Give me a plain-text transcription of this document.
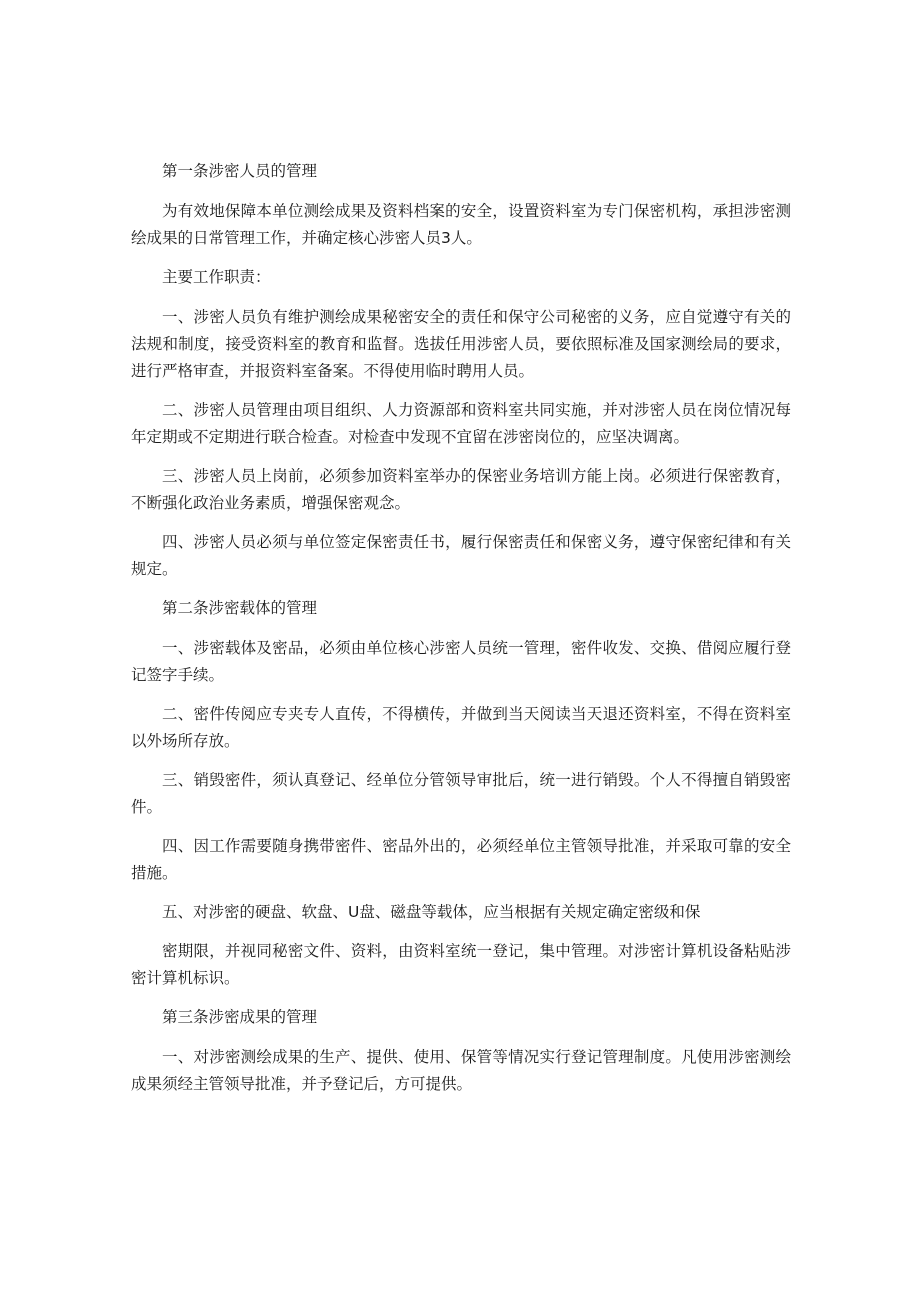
第一条涉密人员的管理

为有效地保障本单位测绘成果及资料档案的安全，设置资料室为专门保密机构，承担涉密测绘成果的日常管理工作，并确定核心涉密人员3人。

主要工作职责：

一、涉密人员负有维护测绘成果秘密安全的责任和保守公司秘密的义务，应自觉遵守有关的法规和制度，接受资料室的教育和监督。选拔任用涉密人员，要依照标准及国家测绘局的要求，进行严格审查，并报资料室备案。不得使用临时聘用人员。

二、涉密人员管理由项目组织、人力资源部和资料室共同实施，并对涉密人员在岗位情况每年定期或不定期进行联合检查。对检查中发现不宜留在涉密岗位的，应坚决调离。

三、涉密人员上岗前，必须参加资料室举办的保密业务培训方能上岗。必须进行保密教育，不断强化政治业务素质，增强保密观念。

四、涉密人员必须与单位签定保密责任书，履行保密责任和保密义务，遵守保密纪律和有关规定。

第二条涉密载体的管理

一、涉密载体及密品，必须由单位核心涉密人员统一管理，密件收发、交换、借阅应履行登记签字手续。

二、密件传阅应专夹专人直传，不得横传，并做到当天阅读当天退还资料室，不得在资料室以外场所存放。

三、销毁密件，须认真登记、经单位分管领导审批后，统一进行销毁。个人不得擅自销毁密件。

四、因工作需要随身携带密件、密品外出的，必须经单位主管领导批准，并采取可靠的安全措施。

五、对涉密的硬盘、软盘、U盘、磁盘等载体，应当根据有关规定确定密级和保

密期限，并视同秘密文件、资料，由资料室统一登记，集中管理。对涉密计算机设备粘贴涉密计算机标识。

第三条涉密成果的管理

一、对涉密测绘成果的生产、提供、使用、保管等情况实行登记管理制度。凡使用涉密测绘成果须经主管领导批准，并予登记后，方可提供。
